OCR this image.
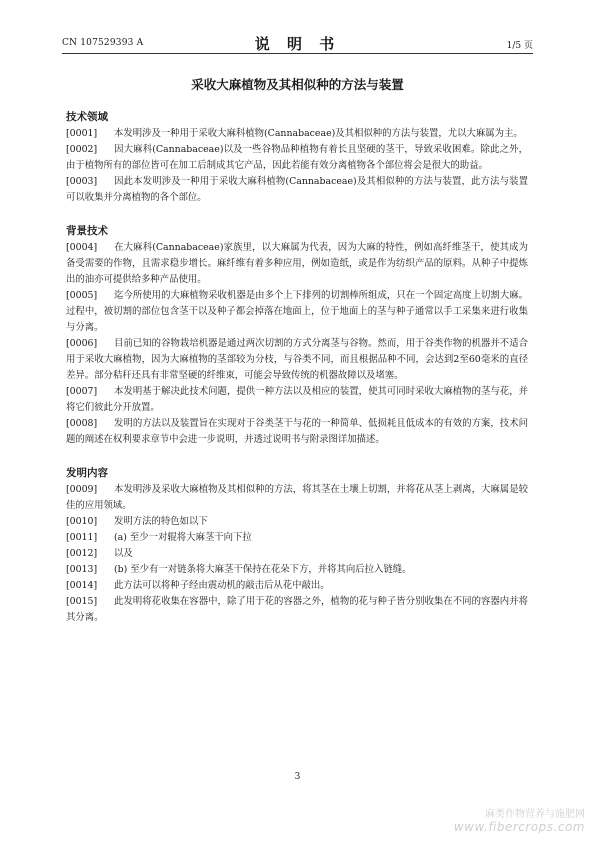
CN 107529393 A	说 明 书	1/5 页
采收大麻植物及其相似种的方法与装置

技术领域

[0001] 本发明涉及一种用于采收大麻科植物(Cannabaceae)及其相似种的方法与装置，尤以大麻属为主。

[0002] 因大麻科(Cannabaceae)以及一些谷物品种植物有着长且坚硬的茎干，导致采收困难。除此之外，由于植物所有的部位皆可在加工后制成其它产品，因此若能有效分离植物各个部位将会是很大的助益。

[0003] 因此本发明涉及一种用于采收大麻科植物(Cannabaceae)及其相似种的方法与装置，此方法与装置可以收集并分离植物的各个部位。

背景技术

[0004] 在大麻科(Cannabaceae)家族里，以大麻属为代表，因为大麻的特性，例如高纤维茎干，使其成为备受需要的作物，且需求稳步增长。麻纤维有着多种应用，例如造纸，或是作为纺织产品的原料。从种子中提炼出的油亦可提供给多种产品使用。

[0005] 迄今所使用的大麻植物采收机器是由多个上下排列的切割棒所组成，只在一个固定高度上切割大麻。过程中，被切割的部位包含茎干以及种子都会掉落在地面上，位于地面上的茎与种子通常以手工采集来进行收集与分离。

[0006] 目前已知的谷物栽培机器是通过两次切割的方式分离茎与谷物。然而，用于谷类作物的机器并不适合用于采收大麻植物，因为大麻植物的茎部较为分枝，与谷类不同，而且根据品种不同，会达到2至60毫米的直径差异。部分秸秆还具有非常坚硬的纤维束，可能会导致传统的机器故障以及堵塞。

[0007] 本发明基于解决此技术问题，提供一种方法以及相应的装置，使其可同时采收大麻植物的茎与花，并将它们彼此分开放置。

[0008] 发明的方法以及装置旨在实现对于谷类茎干与花的一种简单、低损耗且低成本的有效的方案，技术问题的阐述在权利要求章节中会进一步说明，并透过说明书与附录图详加描述。

发明内容

[0009] 本发明涉及采收大麻植物及其相似种的方法，将其茎在土壤上切割，并将花从茎上剥离，大麻属是较佳的应用领域。

[0010] 发明方法的特色如以下

[0011] (a) 至少一对辊将大麻茎干向下拉

[0012] 以及

[0013] (b) 至少有一对链条将大麻茎干保持在花朵下方，并将其向后拉入链缝。

[0014] 此方法可以将种子经由震动机的敲击后从花中敲出。

[0015] 此发明将花收集在容器中，除了用于花的容器之外，植物的花与种子皆分别收集在不同的容器内并将其分离。

3
麻类作物营养与施肥网
www.fibercrops.com
